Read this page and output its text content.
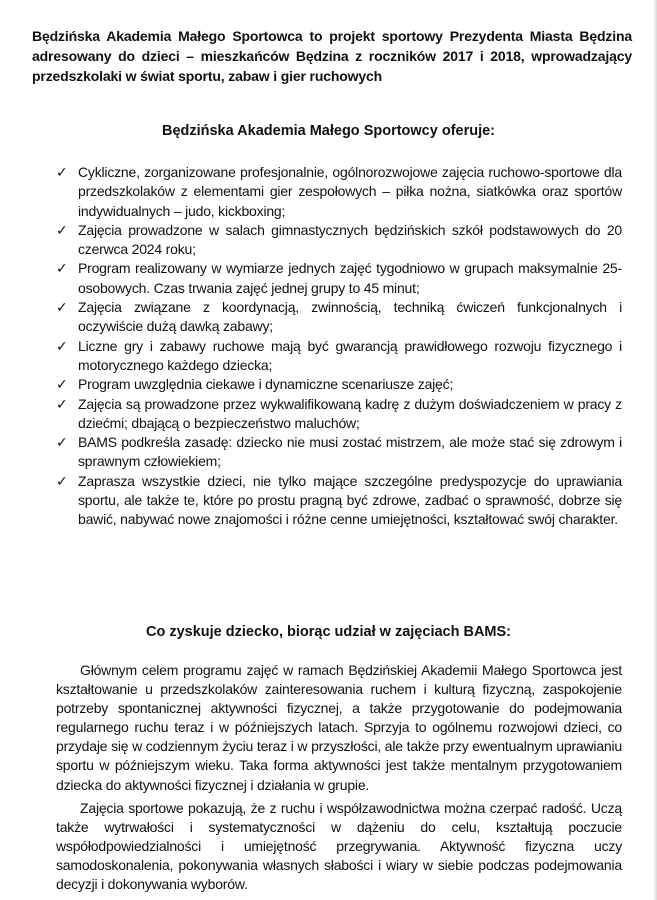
Będzińska Akademia Małego Sportowca to projekt sportowy Prezydenta Miasta Będzina adresowany do dzieci – mieszkańców Będzina z roczników 2017 i 2018, wprowadzający przedszkolaki w świat sportu, zabaw i gier ruchowych
Będzińska Akademia Małego Sportowcy oferuje:
✓ Cykliczne, zorganizowane profesjonalnie, ogólnorozwojowe zajęcia ruchowo-sportowe dla przedszkolaków z elementami gier zespołowych – piłka nożna, siatkówka oraz sportów indywidualnych – judo, kickboxing;
✓ Zajęcia prowadzone w salach gimnastycznych będzińskich szkół podstawowych do 20 czerwca 2024 roku;
✓ Program realizowany w wymiarze jednych zajęć tygodniowo w grupach maksymalnie 25-osobowych. Czas trwania zajęć jednej grupy to 45 minut;
✓ Zajęcia związane z koordynacją, zwinnością, techniką ćwiczeń funkcjonalnych i oczywiście dużą dawką zabawy;
✓ Liczne gry i zabawy ruchowe mają być gwarancją prawidłowego rozwoju fizycznego i motorycznego każdego dziecka;
✓ Program uwzględnia ciekawe i dynamiczne scenariusze zajęć;
✓ Zajęcia są prowadzone przez wykwalifikowaną kadrę z dużym doświadczeniem w pracy z dziećmi; dbającą o bezpieczeństwo maluchów;
✓ BAMS podkreśla zasadę: dziecko nie musi zostać mistrzem, ale może stać się zdrowym i sprawnym człowiekiem;
✓ Zaprasza wszystkie dzieci, nie tylko mające szczególne predyspozycje do uprawiania sportu, ale także te, które po prostu pragną być zdrowe, zadbać o sprawność, dobrze się bawić, nabywać nowe znajomości i różne cenne umiejętności, kształtować swój charakter.
Co zyskuje dziecko, biorąc udział w zajęciach BAMS:

Głównym celem programu zajęć w ramach Będzińskiej Akademii Małego Sportowca jest kształtowanie u przedszkolaków zainteresowania ruchem i kulturą fizyczną, zaspokojenie potrzeby spontanicznej aktywności fizycznej, a także przygotowanie do podejmowania regularnego ruchu teraz i w późniejszych latach. Sprzyja to ogólnemu rozwojowi dzieci, co przydaje się w codziennym życiu teraz i w przyszłości, ale także przy ewentualnym uprawianiu sportu w późniejszym wieku. Taka forma aktywności jest także mentalnym przygotowaniem dziecka do aktywności fizycznej i działania w grupie.

Zajęcia sportowe pokazują, że z ruchu i współzawodnictwa można czerpać radość. Uczą także wytrwałości i systematyczności w dążeniu do celu, kształtują poczucie współodpowiedzialności i umiejętność przegrywania. Aktywność fizyczna uczy samodoskonalenia, pokonywania własnych słabości i wiary w siebie podczas podejmowania decyzji i dokonywania wyborów.
